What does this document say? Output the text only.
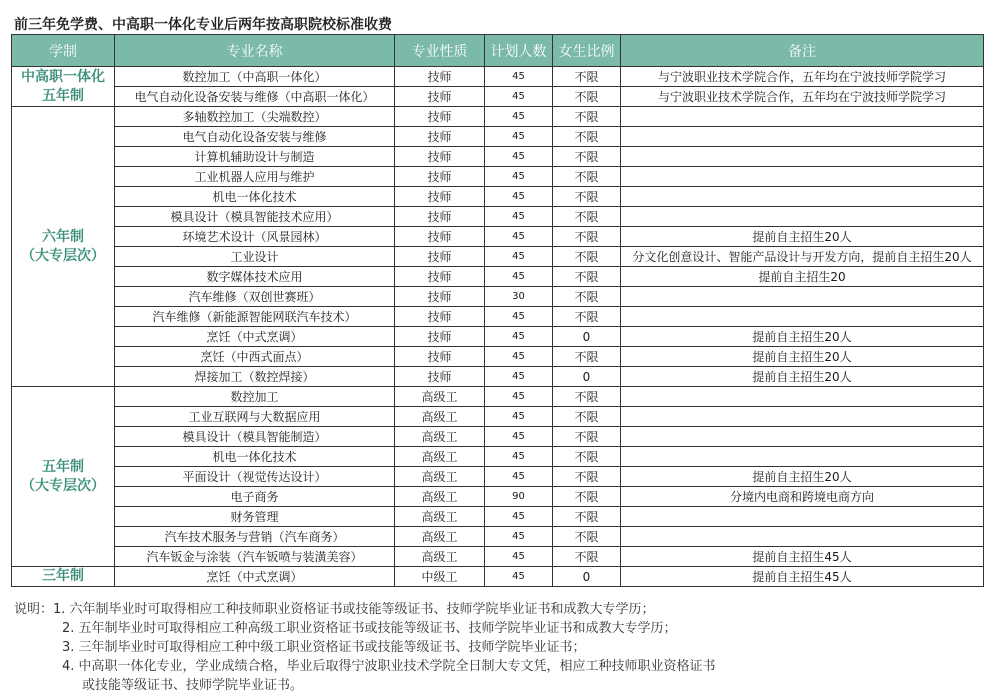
前三年免学费、中高职一体化专业后两年按高职院校标准收费
学制	专业名称	专业性质	计划人数	女生比例	备注

中高职一体化
五年制	数控加工（中高职一体化）	技师	45	不限	与宁波职业技术学院合作，五年均在宁波技师学院学习
	电气自动化设备安装与维修（中高职一体化）	技师	45	不限	与宁波职业技术学院合作，五年均在宁波技师学院学习

六年制
（大专层次）	多轴数控加工（尖端数控）	技师	45	不限	
	电气自动化设备安装与维修	技师	45	不限	
	计算机辅助设计与制造	技师	45	不限	
	工业机器人应用与维护	技师	45	不限	
	机电一体化技术	技师	45	不限	
	模具设计（模具智能技术应用）	技师	45	不限	
	环境艺术设计（风景园林）	技师	45	不限	提前自主招生20人
	工业设计	技师	45	不限	分文化创意设计、智能产品设计与开发方向，提前自主招生20人
	数字媒体技术应用	技师	45	不限	提前自主招生20
	汽车维修（双创世赛班）	技师	30	不限	
	汽车维修（新能源智能网联汽车技术）	技师	45	不限	
	烹饪（中式烹调）	技师	45	0	提前自主招生20人
	烹饪（中西式面点）	技师	45	不限	提前自主招生20人
	焊接加工（数控焊接）	技师	45	0	提前自主招生20人

五年制
（大专层次）	数控加工	高级工	45	不限	
	工业互联网与大数据应用	高级工	45	不限	
	模具设计（模具智能制造）	高级工	45	不限	
	机电一体化技术	高级工	45	不限	
	平面设计（视觉传达设计）	高级工	45	不限	提前自主招生20人
	电子商务	高级工	90	不限	分境内电商和跨境电商方向
	财务管理	高级工	45	不限	
	汽车技术服务与营销（汽车商务）	高级工	45	不限	
	汽车钣金与涂装（汽车钣喷与装潢美容）	高级工	45	不限	提前自主招生45人

三年制	烹饪（中式烹调）	中级工	45	0	提前自主招生45人
说明：1. 六年制毕业时可取得相应工种技师职业资格证书或技能等级证书、技师学院毕业证书和成教大专学历；
2. 五年制毕业时可取得相应工种高级工职业资格证书或技能等级证书、技师学院毕业证书和成教大专学历；
3. 三年制毕业时可取得相应工种中级工职业资格证书或技能等级证书、技师学院毕业证书；
4. 中高职一体化专业，学业成绩合格，毕业后取得宁波职业技术学院全日制大专文凭，相应工种技师职业资格证书
或技能等级证书、技师学院毕业证书。
